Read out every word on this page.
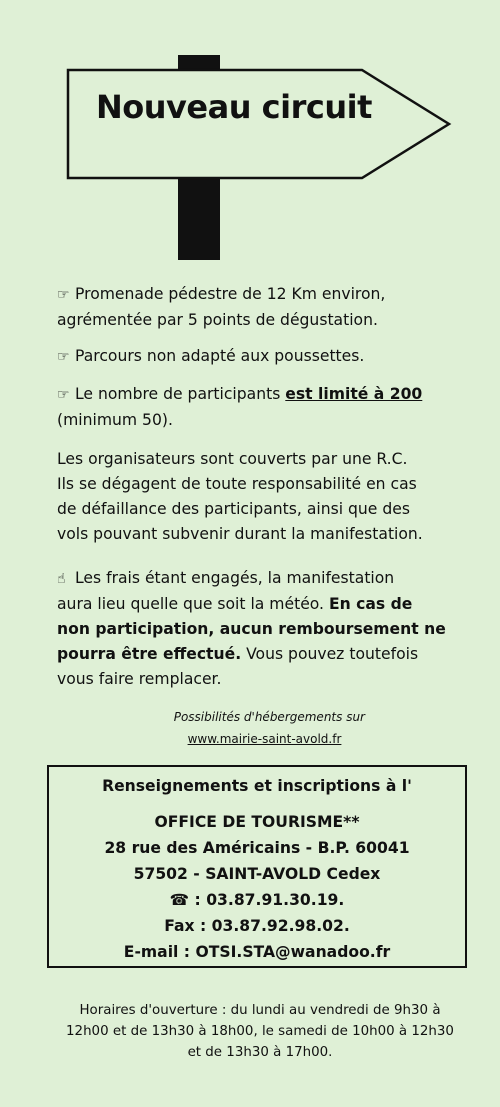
Nouveau circuit
☞ Promenade pédestre de 12 Km environ,
agrémentée par 5 points de dégustation.
☞ Parcours non adapté aux poussettes.
☞ Le nombre de participants est limité à 200
(minimum 50).
Les organisateurs sont couverts par une R.C.
Ils se dégagent de toute responsabilité en cas
de défaillance des participants, ainsi que des
vols pouvant subvenir durant la manifestation.
☝ Les frais étant engagés, la manifestation
aura lieu quelle que soit la météo. En cas de
non participation, aucun remboursement ne
pourra être effectué. Vous pouvez toutefois
vous faire remplacer.
Possibilités d'hébergements sur
www.mairie-saint-avold.fr
Renseignements et inscriptions à l'
OFFICE DE TOURISME**
28 rue des Américains - B.P. 60041
57502 - SAINT-AVOLD Cedex
☎ : 03.87.91.30.19.
Fax : 03.87.92.98.02.
E-mail : OTSI.STA@wanadoo.fr
Horaires d'ouverture : du lundi au vendredi de 9h30 à
12h00 et de 13h30 à 18h00, le samedi de 10h00 à 12h30
et de 13h30 à 17h00.
